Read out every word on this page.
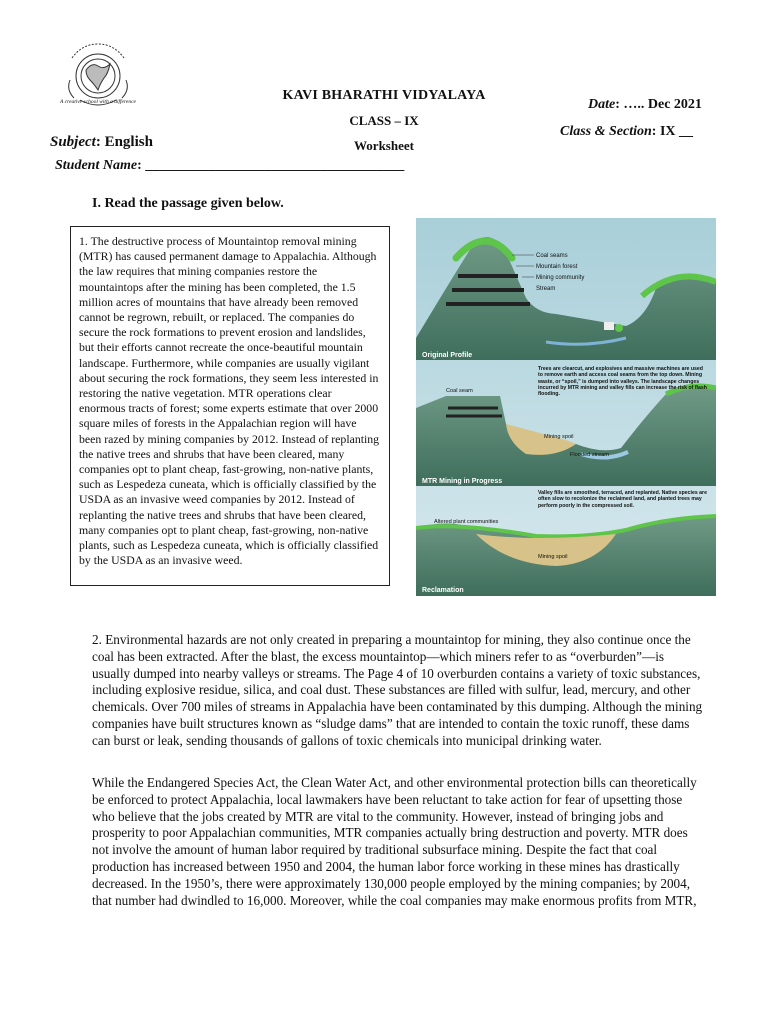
A creative school with a difference	KAVI BHARATHI VIDYALAYA
CLASS – IX
Worksheet
Date: ….. Dec 2021
Class & Section: IX __
Subject: English
Student Name: _____________________________________
I. Read the passage given below.
1. The destructive process of Mountaintop removal mining (MTR) has caused permanent damage to Appalachia. Although the law requires that mining companies restore the mountaintops after the mining has been completed, the 1.5 million acres of mountains that have already been removed cannot be regrown, rebuilt, or replaced. The companies do secure the rock formations to prevent erosion and landslides, but their efforts cannot recreate the once-beautiful mountain landscape. Furthermore, while companies are usually vigilant about securing the rock formations, they seem less interested in restoring the native vegetation. MTR operations clear enormous tracts of forest; some experts estimate that over 2000 square miles of forests in the Appalachian region will have been razed by mining companies by 2012. Instead of replanting the native trees and shrubs that have been cleared, many companies opt to plant cheap, fast-growing, non-native plants, such as Lespedeza cuneata, which is officially classified by the USDA as an invasive weed companies by 2012. Instead of replanting the native trees and shrubs that have been cleared, many companies opt to plant cheap, fast-growing, non-native plants, such as Lespedeza cuneata, which is officially classified by the USDA as an invasive weed.
Coal seams
Mountain forest
Mining community
Stream
Original Profile
Coal seam
Mining spoil
Flooded stream
Trees are clearcut, and explosives and massive machines are used to remove earth and access coal seams from the top down. Mining waste, or “spoil,” is dumped into valleys. The landscape changes incurred by MTR mining and valley fills can increase the risk of flash flooding.
MTR Mining in Progress
Altered plant communities
Mining spoil
Valley fills are smoothed, terraced, and replanted. Native species are often slow to recolonize the reclaimed land, and planted trees may perform poorly in the compressed soil.
Reclamation
2. Environmental hazards are not only created in preparing a mountaintop for mining, they also continue once the coal has been extracted. After the blast, the excess mountaintop—which miners refer to as “overburden”—is usually dumped into nearby valleys or streams. The Page 4 of 10 overburden contains a variety of toxic substances, including explosive residue, silica, and coal dust. These substances are filled with sulfur, lead, mercury, and other chemicals. Over 700 miles of streams in Appalachia have been contaminated by this dumping. Although the mining companies have built structures known as “sludge dams” that are intended to contain the toxic runoff, these dams can burst or leak, sending thousands of gallons of toxic chemicals into municipal drinking water.
While the Endangered Species Act, the Clean Water Act, and other environmental protection bills can theoretically be enforced to protect Appalachia, local lawmakers have been reluctant to take action for fear of upsetting those who believe that the jobs created by MTR are vital to the community. However, instead of bringing jobs and prosperity to poor Appalachian communities, MTR companies actually bring destruction and poverty. MTR does not involve the amount of human labor required by traditional subsurface mining. Despite the fact that coal production has increased between 1950 and 2004, the human labor force working in these mines has drastically decreased. In the 1950’s, there were approximately 130,000 people employed by the mining companies; by 2004, that number had dwindled to 16,000. Moreover, while the coal companies may make enormous profits from MTR,
